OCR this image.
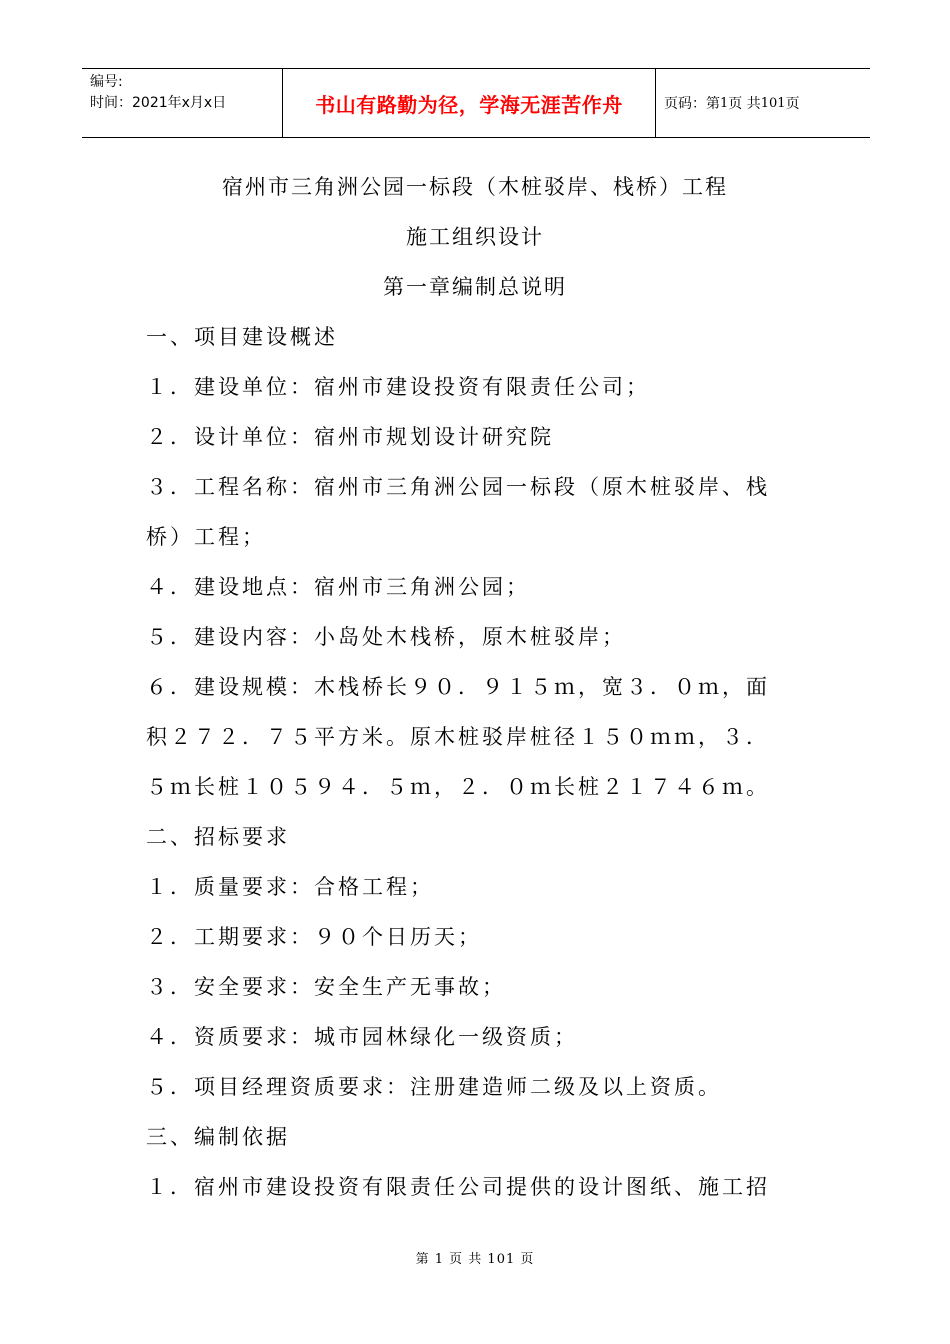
编号:
时间：2021年x月x日	书山有路勤为径，学海无涯苦作舟	页码：第 1 页 共 101 页
宿州市三角洲公园一标段（木桩驳岸、栈桥）工程
施工组织设计
第一章编制总说明
一、项目建设概述
１．建设单位：宿州市建设投资有限责任公司；
２．设计单位：宿州市规划设计研究院
３．工程名称：宿州市三角洲公园一标段（原木桩驳岸、栈
桥）工程；
４．建设地点：宿州市三角洲公园；
５．建设内容：小岛处木栈桥，原木桩驳岸；
６．建设规模：木栈桥长９０．９１５ｍ，宽３．０ｍ，面
积２７２．７５平方米。原木桩驳岸桩径１５０ｍｍ，３．
５ｍ长桩１０５９４．５ｍ，２．０ｍ长桩２１７４６ｍ。
二、招标要求
１．质量要求：合格工程；
２．工期要求：９０个日历天；
３．安全要求：安全生产无事故；
４．资质要求：城市园林绿化一级资质；
５．项目经理资质要求：注册建造师二级及以上资质。
三、编制依据
１．宿州市建设投资有限责任公司提供的设计图纸、施工招
第 1 页 共 101 页
